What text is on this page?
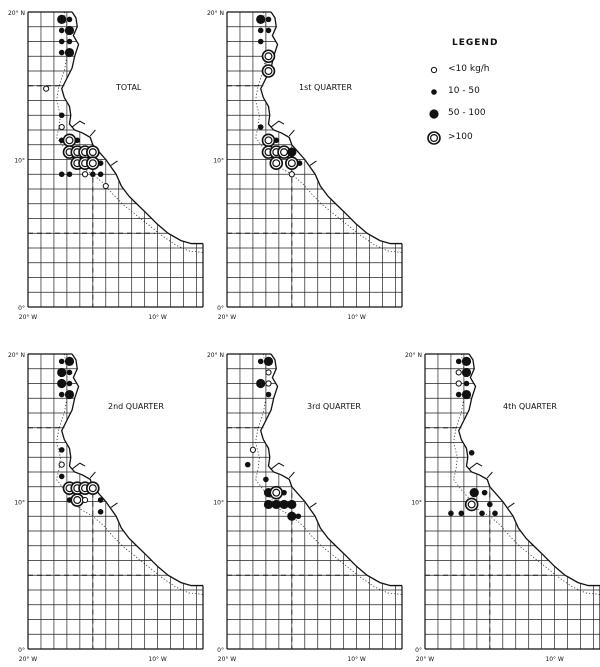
TOTAL
20° N
10°
0°
20° W	10° W
1st QUARTER
20° N
10°
0°
20° W	10° W
2nd QUARTER
20° N
10°
0°
20° W	10° W
3rd QUARTER
20° N
10°
0°
20° W	10° W
4th QUARTER
20° N
10°
0°
20° W	10° W
LEGEND
<10 kg/h
10 - 50
50 - 100
>100
